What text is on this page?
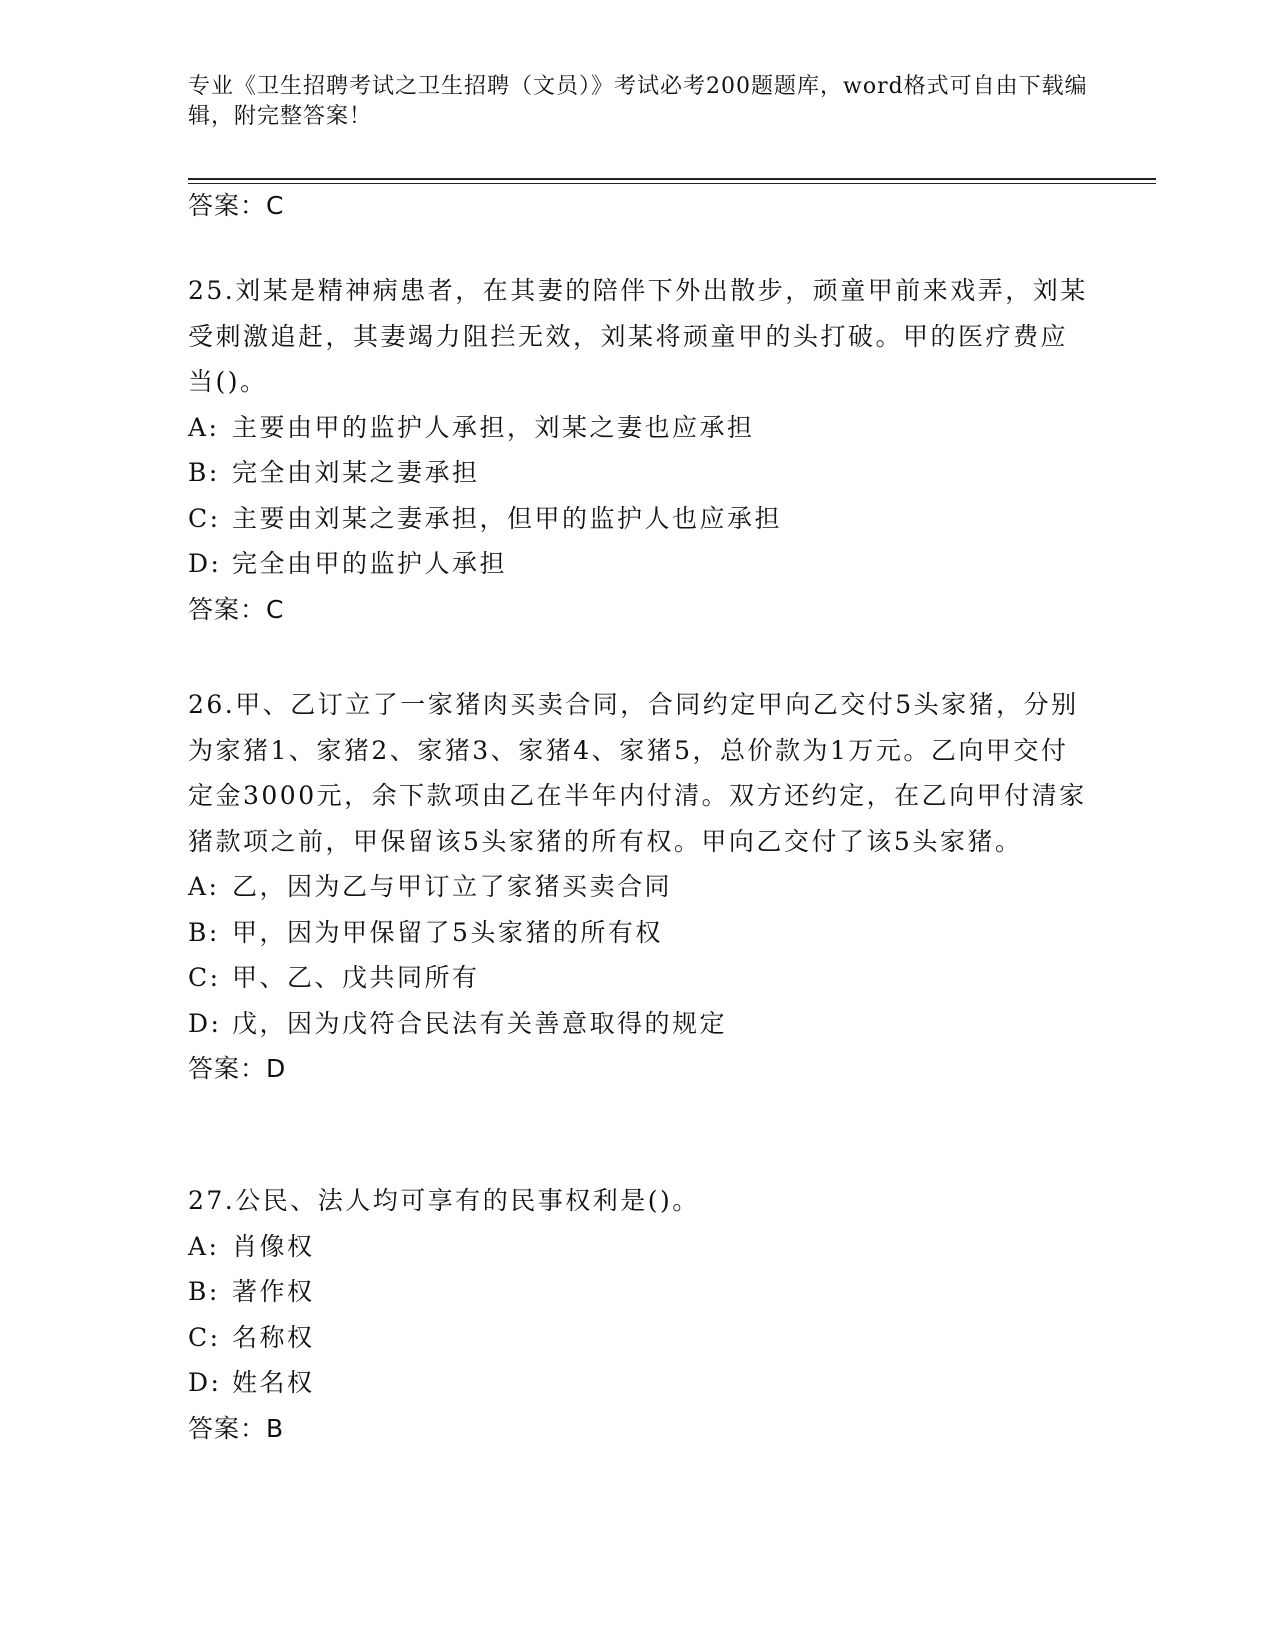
专业《卫生招聘考试之卫生招聘（文员）》考试必考200题题库，word格式可自由下载编辑，附完整答案！
答案：C

25.刘某是精神病患者，在其妻的陪伴下外出散步，顽童甲前来戏弄，刘某受刺激追赶，其妻竭力阻拦无效，刘某将顽童甲的头打破。甲的医疗费应当()。

A: 主要由甲的监护人承担，刘某之妻也应承担

B: 完全由刘某之妻承担

C: 主要由刘某之妻承担，但甲的监护人也应承担

D: 完全由甲的监护人承担

答案：C

26.甲、乙订立了一家猪肉买卖合同，合同约定甲向乙交付5头家猪，分别为家猪1、家猪2、家猪3、家猪4、家猪5，总价款为1万元。乙向甲交付定金3000元，余下款项由乙在半年内付清。双方还约定，在乙向甲付清家猪款项之前，甲保留该5头家猪的所有权。甲向乙交付了该5头家猪。

A: 乙，因为乙与甲订立了家猪买卖合同

B: 甲，因为甲保留了5头家猪的所有权

C: 甲、乙、戊共同所有

D: 戊，因为戊符合民法有关善意取得的规定

答案：D

27.公民、法人均可享有的民事权利是()。

A: 肖像权

B: 著作权

C: 名称权

D: 姓名权

答案：B
